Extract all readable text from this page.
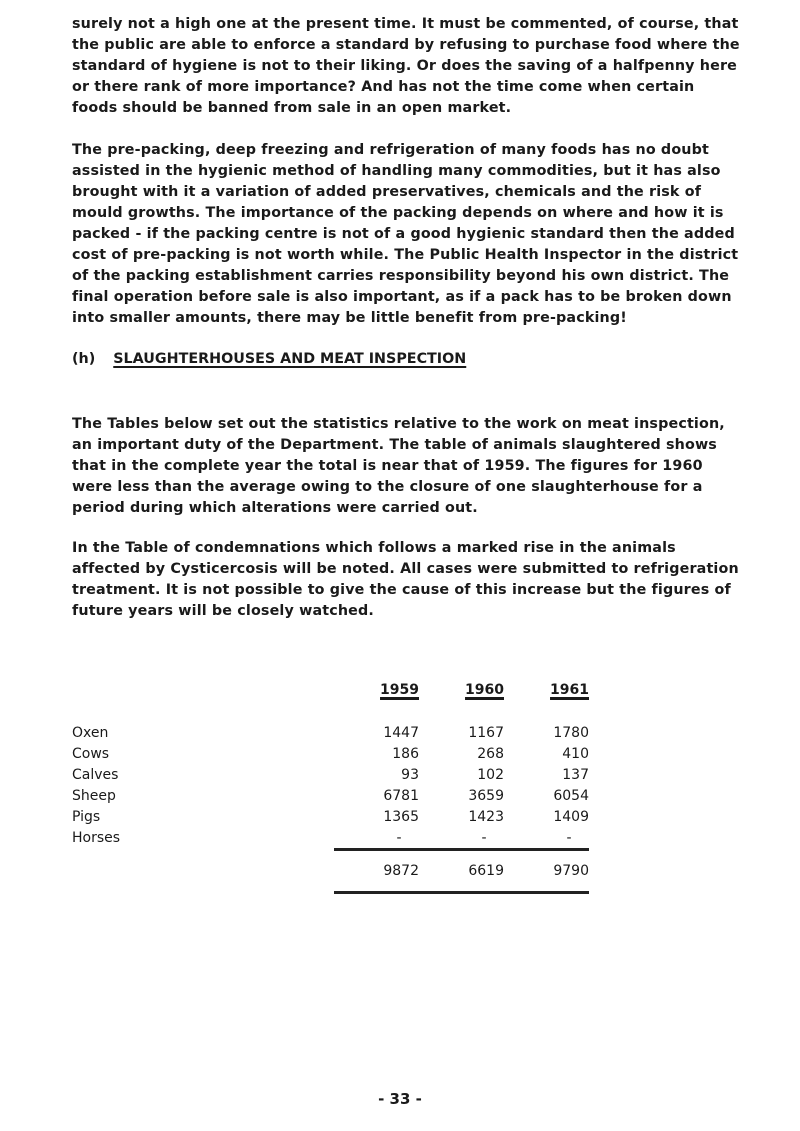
surely not a high one at the present time. It must be commented, of course, that the public are able to enforce a standard by refusing to purchase food where the standard of hygiene is not to their liking. Or does the saving of a halfpenny here or there rank of more importance? And has not the time come when certain foods should be banned from sale in an open market.

The pre-packing, deep freezing and refrigeration of many foods has no doubt assisted in the hygienic method of handling many commodities, but it has also brought with it a variation of added preservatives, chemicals and the risk of mould growths. The importance of the packing depends on where and how it is packed - if the packing centre is not of a good hygienic standard then the added cost of pre-packing is not worth while. The Public Health Inspector in the district of the packing establishment carries responsibility beyond his own district. The final operation before sale is also important, as if a pack has to be broken down into smaller amounts, there may be little benefit from pre-packing!

(h) SLAUGHTERHOUSES AND MEAT INSPECTION

The Tables below set out the statistics relative to the work on meat inspection, an important duty of the Department. The table of animals slaughtered shows that in the complete year the total is near that of 1959. The figures for 1960 were less than the average owing to the closure of one slaughterhouse for a period during which alterations were carried out.

In the Table of condemnations which follows a marked rise in the animals affected by Cysticercosis will be noted. All cases were submitted to refrigeration treatment. It is not possible to give the cause of this increase but the figures of future years will be closely watched.

	1959	1960	1961
Oxen	1447	1167	1780
Cows	186	268	410
Calves	93	102	137
Sheep	6781	3659	6054
Pigs	1365	1423	1409
Horses	-	-	-
	9872	6619	9790
- 33 -
